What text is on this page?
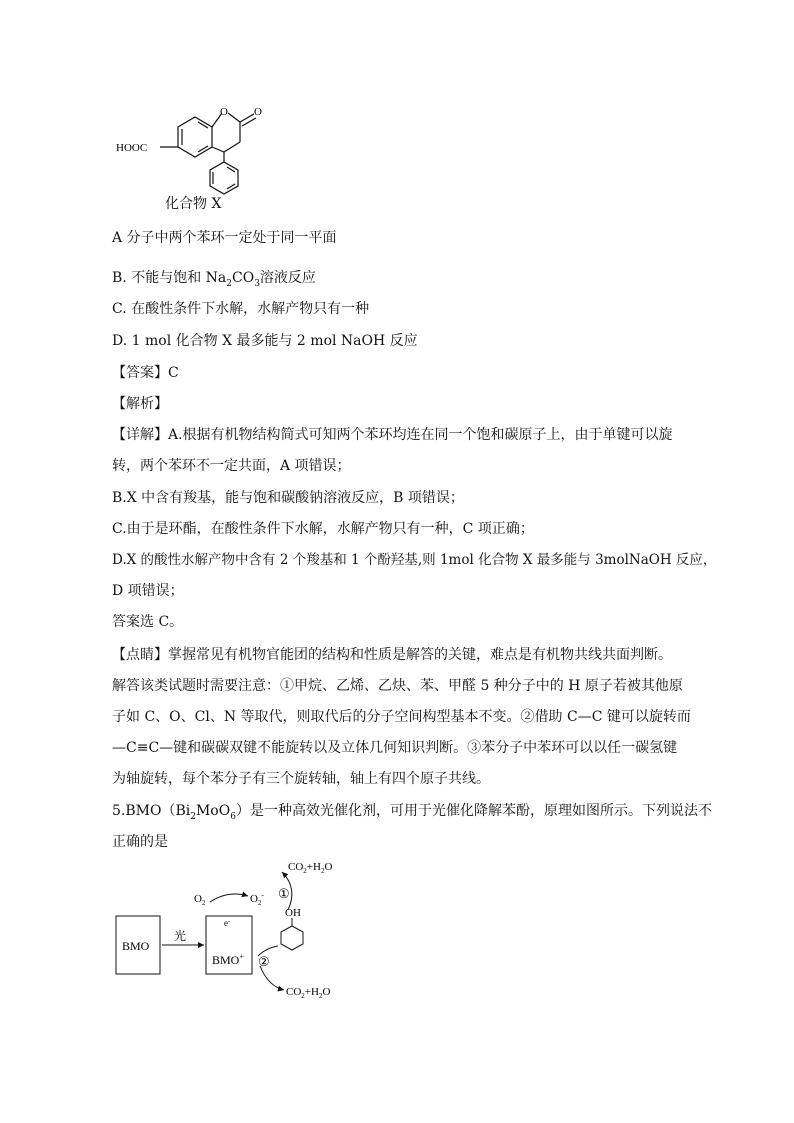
HOOC
O O
化合物 X
A 分子中两个苯环一定处于同一平面
B. 不能与饱和 $Na_2CO_3$溶液反应
C. 在酸性条件下水解，水解产物只有一种
D. 1 mol 化合物 X 最多能与 2 mol NaOH 反应
【答案】C
【解析】
【详解】A.根据有机物结构简式可知两个苯环均连在同一个饱和碳原子上，由于单键可以旋
转，两个苯环不一定共面，A 项错误；
B.X 中含有羧基，能与饱和碳酸钠溶液反应，B 项错误；
C.由于是环酯，在酸性条件下水解，水解产物只有一种，C 项正确；
D.X 的酸性水解产物中含有 2 个羧基和 1 个酚羟基,则 1mol 化合物 X 最多能与 3molNaOH 反应，
D 项错误；
答案选 C。
【点睛】掌握常见有机物官能团的结构和性质是解答的关键，难点是有机物共线共面判断。
解答该类试题时需要注意：①甲烷、乙烯、乙炔、苯、甲醛 5 种分子中的 H 原子若被其他原
子如 C、O、Cl、N 等取代，则取代后的分子空间构型基本不变。②借助 C—C 键可以旋转而
—C≡C—键和碳碳双键不能旋转以及立体几何知识判断。③苯分子中苯环可以以任一碳氢键
为轴旋转，每个苯分子有三个旋转轴，轴上有四个原子共线。
$5.BMO(Bi_2MoO_6)$是一种高效光催化剂，可用于光催化降解苯酚，原理如图所示。下列说法不
正确的是
BMO
光
BMO+
e-
$O_2$	$O_2^-$
OH
①
②
$CO_2+H_2O$
$CO_2+H_2O$
